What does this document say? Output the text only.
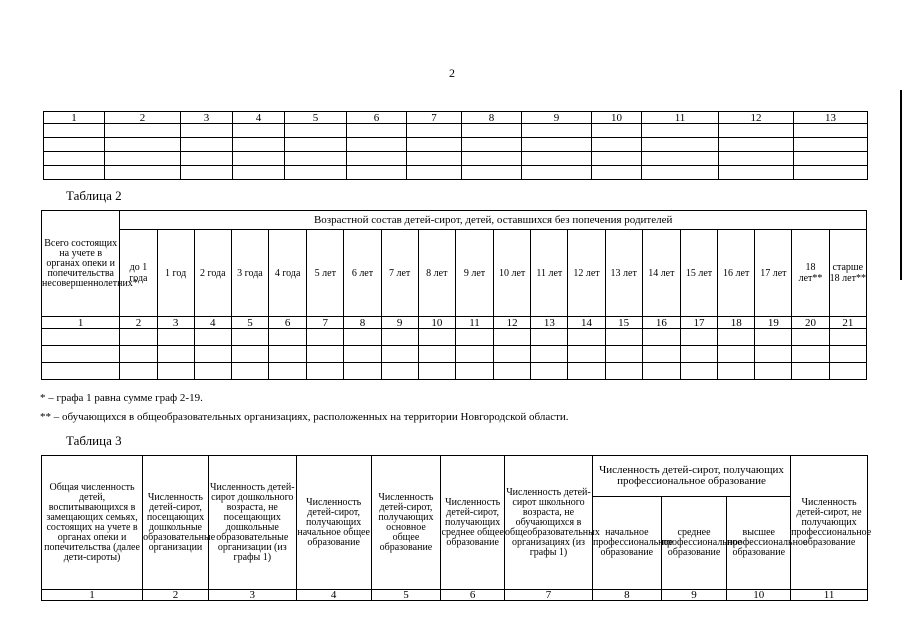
2
1	2	3	4	5	6	7	8	9	10	11	12	13

Таблица 2
Всего состоящих на учете в органах опеки и попечительства несовершеннолетних*	Возрастной состав детей-сирот, детей, оставшихся без попечения родителей																			
	до 1 года	1 год	2 года	3 года	4 года	5 лет	6 лет	7 лет	8 лет	9 лет	10 лет	11 лет	12 лет	13 лет	14 лет	15 лет	16 лет	17 лет	18 лет**	старше 18 лет**
1	2	3	4	5	6	7	8	9	10	11	12	13	14	15	16	17	18	19	20	21

* – графа 1 равна сумме граф 2-19.
** – обучающихся в общеобразовательных организациях, расположенных на территории Новгородской области.
Таблица 3
Общая численность детей, воспитывающихся в замещающих семьях, состоящих на учете в органах опеки и попечительства (далее дети-сироты)	Численность детей-сирот, посещающих дошкольные образовательные организации	Численность детей-сирот дошкольного возраста, не посещающих дошкольные образовательные организации (из графы 1)	Численность детей-сирот, получающих начальное общее образование	Численность детей-сирот, получающих основное общее образование	Численность детей-сирот, получающих среднее общее образование	Численность детей-сирот школьного возраста, не обучающихся в общеобразовательных организациях (из графы 1)	Численность детей-сирот, получающих профессиональное образование			Численность детей-сирот, не получающих профессиональное образование
							начальное профессиональное образование	среднее профессиональное образование	высшее профессиональное образование	
1	2	3	4	5	6	7	8	9	10	11
